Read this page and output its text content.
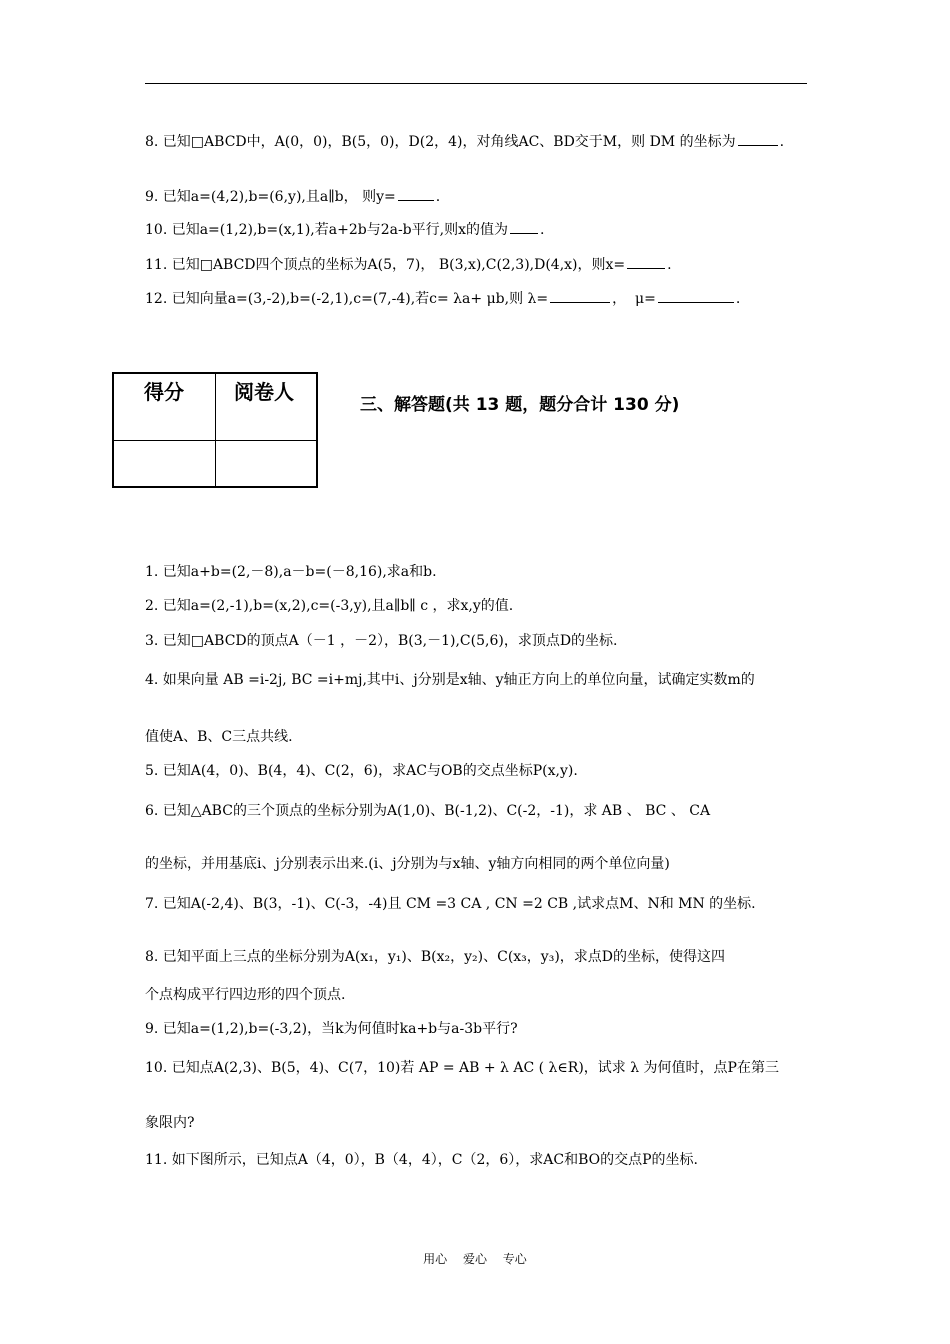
8. 已知□ABCD中，A(0，0)，B(5，0)，D(2，4)，对角线AC、BD交于M，则 DM 的坐标为	.
9. 已知a=(4,2),b=(6,y),且a∥b， 则y=	.
10. 已知a=(1,2),b=(x,1),若a+2b与2a-b平行,则x的值为 .
11. 已知□ABCD四个顶点的坐标为A(5，7)， B(3,x),C(2,3),D(4,x)，则x=	.
12. 已知向量a=(3,-2),b=(-2,1),c=(7,-4),若c= λa+ μb,则 λ=	，  μ=	.
得分	阅卷人
三、解答题(共 13 题，题分合计 130 分)
1. 已知a+b=(2,－8),a－b=(－8,16),求a和b.
2. 已知a=(2,-1),b=(x,2),c=(-3,y),且a∥b∥ c ，求x,y的值.
3. 已知□ABCD的顶点A（－1 ，－2），B(3,－1),C(5,6)，求顶点D的坐标.
4. 如果向量 AB =i-2j, BC =i+mj,其中i、j分别是x轴、y轴正方向上的单位向量，试确定实数m的
值使A、B、C三点共线.
5. 已知A(4，0)、B(4，4)、C(2，6)，求AC与OB的交点坐标P(x,y).
6. 已知△ABC的三个顶点的坐标分别为A(1,0)、B(-1,2)、C(-2，-1)，求 AB 、 BC 、 CA
的坐标，并用基底i、j分别表示出来.(i、j分别为与x轴、y轴方向相同的两个单位向量)
7. 已知A(-2,4)、B(3，-1)、C(-3，-4)且 CM =3 CA , CN =2 CB ,试求点M、N和 MN 的坐标.
8. 已知平面上三点的坐标分别为A(x₁，y₁)、B(x₂，y₂)、C(x₃，y₃)，求点D的坐标，使得这四
个点构成平行四边形的四个顶点.
9. 已知a=(1,2),b=(-3,2)，当k为何值时ka+b与a-3b平行?
10. 已知点A(2,3)、B(5，4)、C(7，10)若 AP = AB + λ AC ( λ∈R)，试求 λ 为何值时，点P在第三
象限内?
11. 如下图所示，已知点A（4，0），B（4，4），C（2，6），求AC和BO的交点P的坐标.
用心 爱心 专心
